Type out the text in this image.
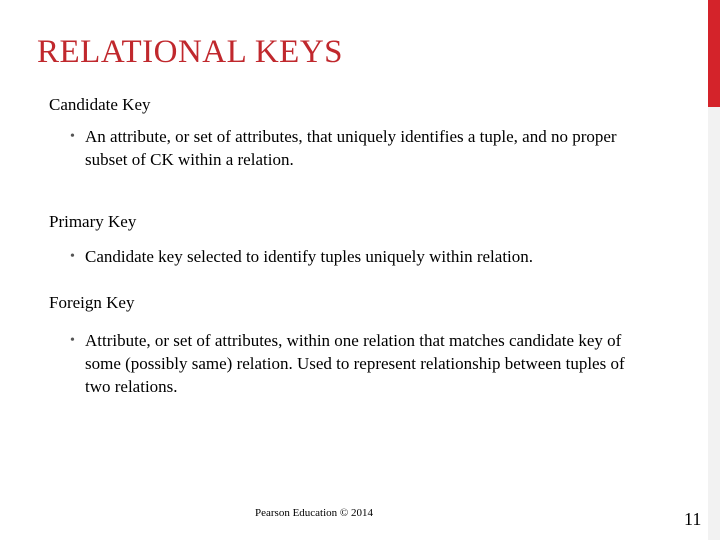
RELATIONAL KEYS
Candidate Key
• An attribute, or set of attributes, that uniquely identifies a tuple, and no proper subset of CK within a relation.
Primary Key
• Candidate key selected to identify tuples uniquely within relation.
Foreign Key
• Attribute, or set of attributes, within one relation that matches candidate key of some (possibly same) relation. Used to represent relationship between tuples of two relations.
Pearson Education © 2014	11
